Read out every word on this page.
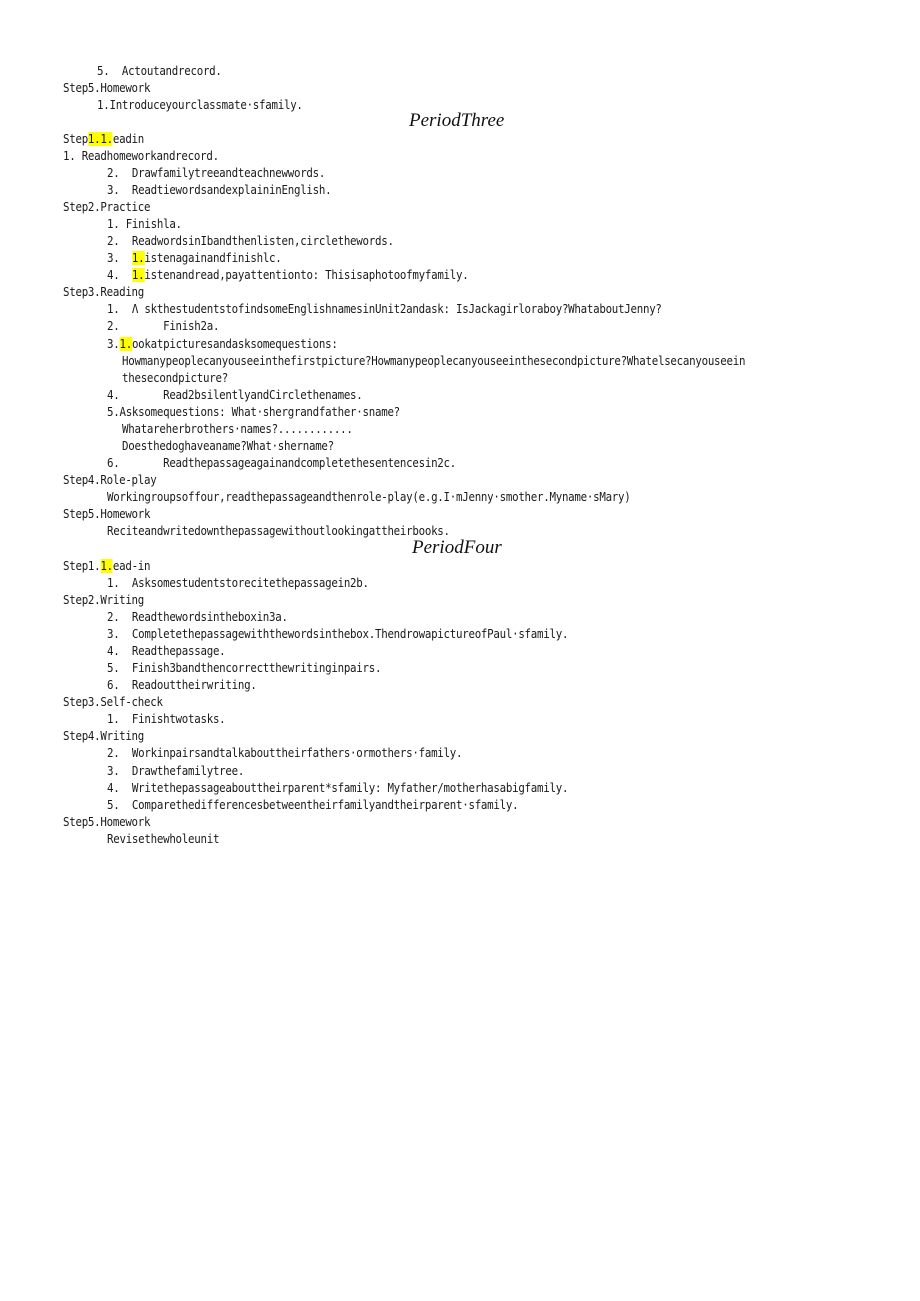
5.  Actoutandrecord.
Step5.Homework
1.Introduceyourclassmate·sfamily.
PeriodThree
Step1.1.eadin
1. Readhomeworkandrecord.
2.  Drawfamilytreeandteachnewwords.
3.  ReadtiewordsandexplaininEnglish.
Step2.Practice
1. Finishla.
2.  ReadwordsinIbandthenlisten,circlethewords.
3.  1.istenagainandfinishlc.
4.  1.istenandread,payattentionto: Thisisaphotoofmyfamily.
Step3.Reading
1.  Λ skthestudentstofindsomeEnglishnamesinUnit2andask: IsJackagirloraboy?WhataboutJenny?
2.       Finish2a.
3.1.ookatpicturesandasksomequestions:
Howmanypeoplecanyouseeinthefirstpicture?Howmanypeoplecanyouseeinthesecondpicture?Whatelsecanyouseein
thesecondpicture?
4.       Read2bsilentlyandCirclethenames.
5.Asksomequestions: What·shergrandfather·sname?
Whatareherbrothers·names?............
Doesthedoghaveaname?What·shername?
6.       Readthepassageagainandcompletethesentencesin2c.
Step4.Role-play
Workingroupsoffour,readthepassageandthenrole-play(e.g.I·mJenny·smother.Myname·sMary)
Step5.Homework
Reciteandwritedownthepassagewithoutlookingattheirbooks.
PeriodFour
Step1.1.ead-in
1.  Asksomestudentstorecitethepassagein2b.
Step2.Writing
2.  Readthewordsintheboxin3a.
3.  Completethepassagewiththewordsinthebox.ThendrowapictureofPaul·sfamily.
4.  Readthepassage.
5.  Finish3bandthencorrectthewritinginpairs.
6.  Readouttheirwriting.
Step3.Self-check
1.  Finishtwotasks.
Step4.Writing
2.  Workinpairsandtalkabouttheirfathers·ormothers·family.
3.  Drawthefamilytree.
4.  Writethepassageabouttheirparent*sfamily: Myfather/motherhasabigfamily.
5.  Comparethedifferencesbetweentheirfamilyandtheirparent·sfamily.
Step5.Homework
Revisethewholeunit
